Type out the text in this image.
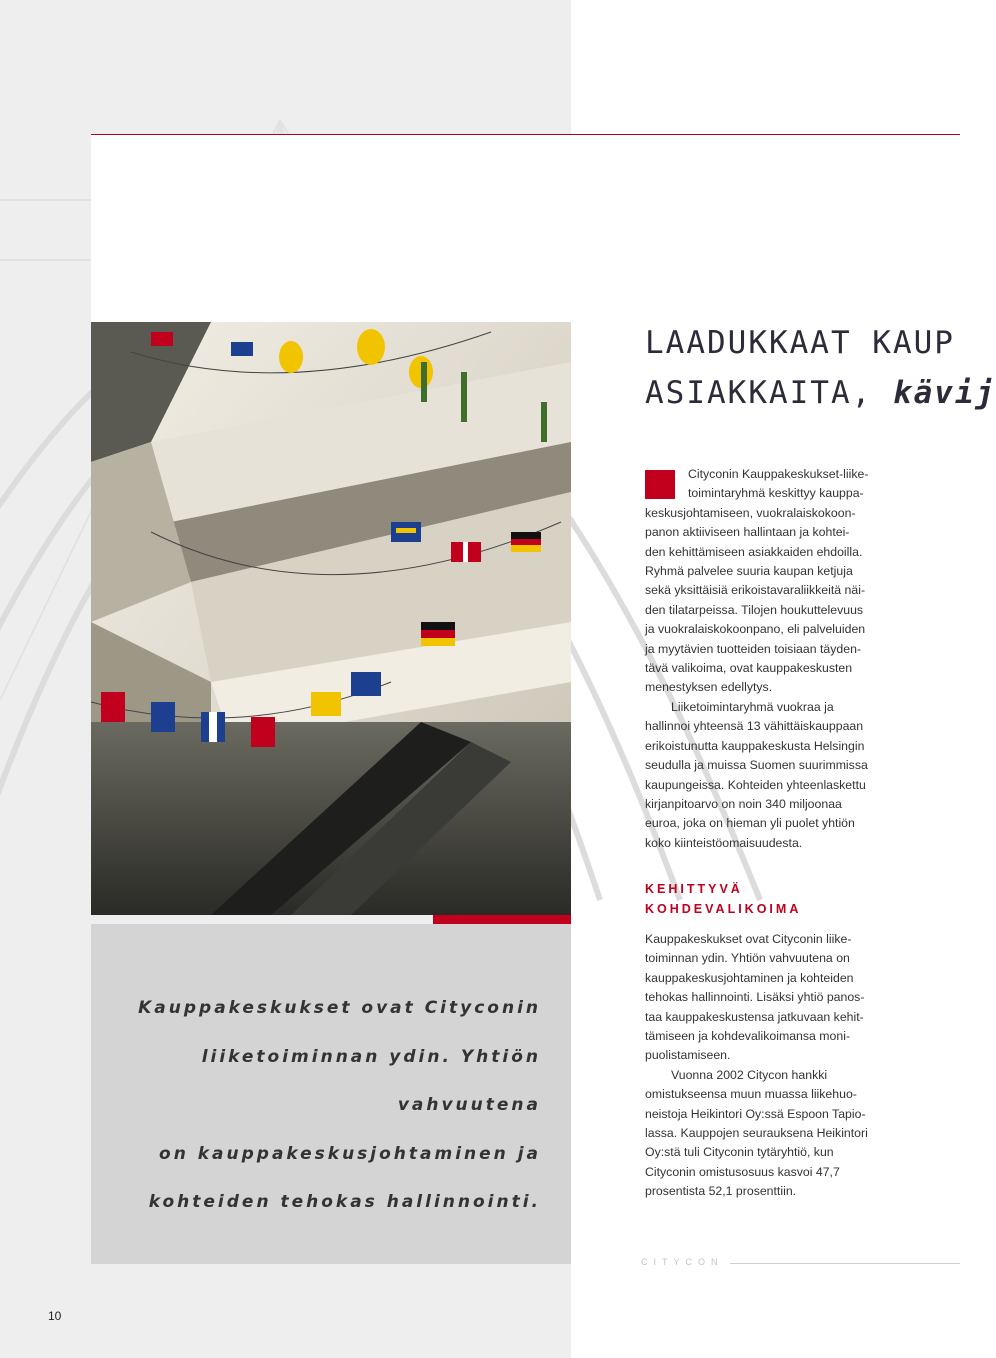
Kauppakeskukset ovat Cityconin
liiketoiminnan ydin. Yhtiön vahvuutena
on kauppakeskusjohtaminen ja
kohteiden tehokas hallinnointi.

LAADUKKAAT KAUP
ASIAKKAITA, kävij

Cityconin Kauppakeskukset-liike-
toimintaryhmä keskittyy kauppa-
keskusjohtamiseen, vuokralaiskokoon-
panon aktiiviseen hallintaan ja kohtei-
den kehittämiseen asiakkaiden ehdoilla.
Ryhmä palvelee suuria kaupan ketjuja
sekä yksittäisiä erikoistavaraliikkeitä näi-
den tilatarpeissa. Tilojen houkuttelevuus
ja vuokralaiskokoonpano, eli palveluiden
ja myytävien tuotteiden toisiaan täyden-
tävä valikoima, ovat kauppakeskusten
menestyksen edellytys.

Liiketoimintaryhmä vuokraa ja
hallinnoi yhteensä 13 vähittäiskauppaan
erikoistunutta kauppakeskusta Helsingin
seudulla ja muissa Suomen suurimmissa
kaupungeissa. Kohteiden yhteenlaskettu
kirjanpitoarvo on noin 340 miljoonaa
euroa, joka on hieman yli puolet yhtiön
koko kiinteistöomaisuudesta.

KEHITTYVÄ
KOHDEVALIKOIMA

Kauppakeskukset ovat Cityconin liike-
toiminnan ydin. Yhtiön vahvuutena on
kauppakeskusjohtaminen ja kohteiden
tehokas hallinnointi. Lisäksi yhtiö panos-
taa kauppakeskustensa jatkuvaan kehit-
tämiseen ja kohdevalikoimansa moni-
puolistamiseen.

Vuonna 2002 Citycon hankki
omistukseensa muun muassa liikehuo-
neistoja Heikintori Oy:ssä Espoon Tapio-
lassa. Kauppojen seurauksena Heikintori
Oy:stä tuli Cityconin tytäryhtiö, kun
Cityconin omistusosuus kasvoi 47,7
prosentista 52,1 prosenttiin.

CITYCON
10
